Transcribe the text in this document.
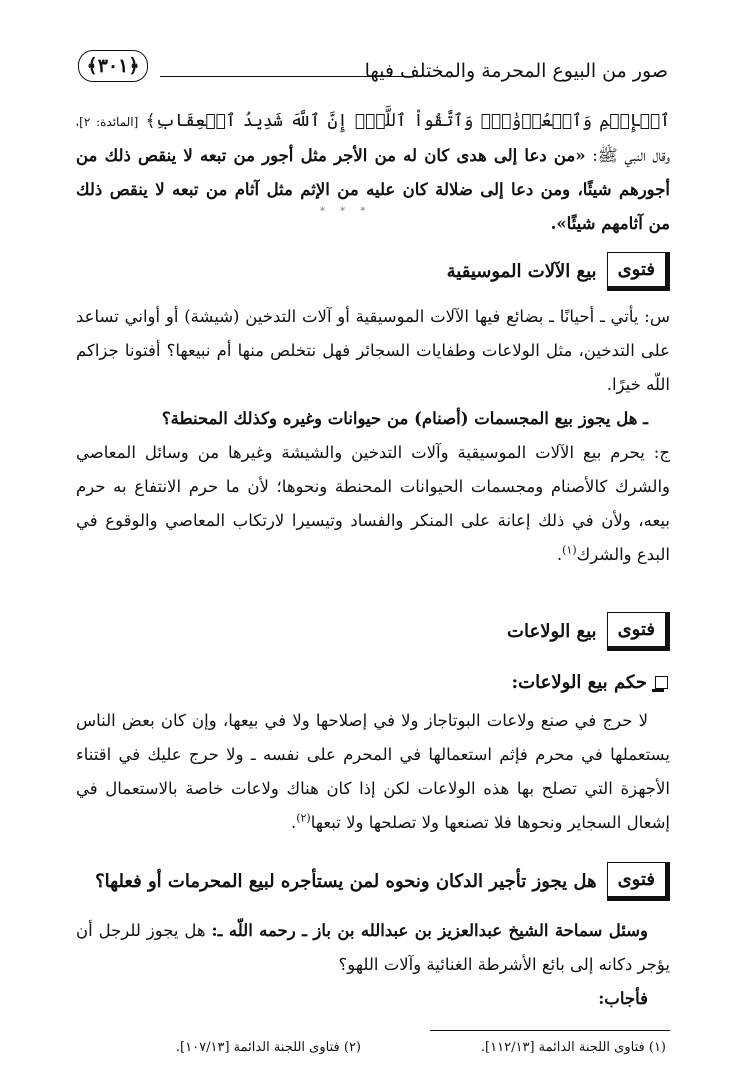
صور من البيوع المحرمة والمختلف فيها
﴿٣٠١﴾

ٱلۡإِثۡمِ وَٱلۡعُدۡوَٰنِۚ وَٱتَّقُواْ ٱللَّهَۖ إِنَّ ٱللَّهَ شَدِيدُ ٱلۡعِقَابِ﴾ [المائدة: ٢]، وقال النبي ﷺ: «من دعا إلى هدى كان له من الأجر مثل أجور من تبعه لا ينقص ذلك من أجورهم شيئًا، ومن دعا إلى ضلالة كان عليه من الإثم مثل آثام من تبعه لا ينقص ذلك من آثامهم شيئًا».

* * *
فتوى
بيع الآلات الموسيقية

س: يأتي ـ أحيانًا ـ بضائع فيها الآلات الموسيقية أو آلات التدخين (شيشة) أو أواني تساعد على التدخين، مثل الولاعات وطفايات السجائر فهل نتخلص منها أم نبيعها؟ أفتونا جزاكم اللّه خيرًا.

ـ هل يجوز بيع المجسمات (أصنام) من حيوانات وغيره وكذلك المحنطة؟

ج: يحرم بيع الآلات الموسيقية وآلات التدخين والشيشة وغيرها من وسائل المعاصي والشرك كالأصنام ومجسمات الحيوانات المحنطة ونحوها؛ لأن ما حرم الانتفاع به حرم بيعه، ولأن في ذلك إعانة على المنكر والفساد وتيسيرا لارتكاب المعاصي والوقوع في البدع والشرك$^{(١)}$.

فتوى
بيع الولاعات
حكم بيع الولاعات:

لا حرج في صنع ولاعات البوتاجاز ولا في إصلاحها ولا في بيعها، وإن كان بعض الناس يستعملها في محرم فإثم استعمالها في المحرم على نفسه ـ ولا حرج عليك في اقتناء الأجهزة التي تصلح بها هذه الولاعات لكن إذا كان هناك ولاعات خاصة بالاستعمال في إشعال السجاير ونحوها فلا تصنعها ولا تصلحها ولا تبعها$^{(٢)}$.

فتوى
هل يجوز تأجير الدكان ونحوه لمن يستأجره لبيع المحرمات أو فعلها؟

وسئل سماحة الشيخ عبدالعزيز بن عبدالله بن باز ـ رحمه اللّه ـ: هل يجوز للرجل أن يؤجر دكانه إلى بائع الأشرطة الغنائية وآلات اللهو؟

فأجاب:

(١) فتاوى اللجنة الدائمة [١١٢/١٣].
(٢) فتاوى اللجنة الدائمة [١٠٧/١٣].
